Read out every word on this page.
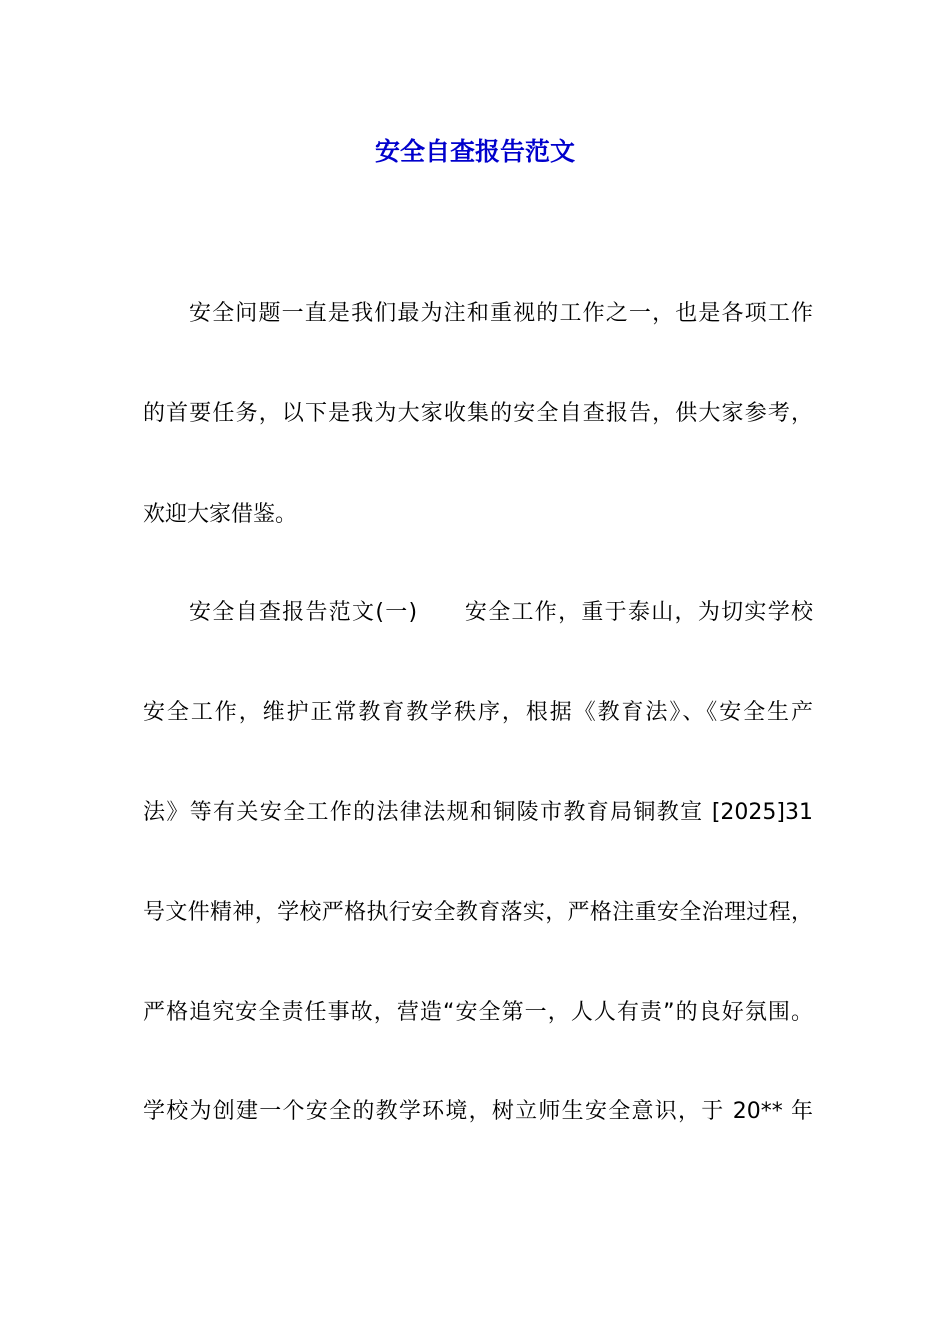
安全自查报告范文

安全问题一直是我们最为注和重视的工作之一，也是各项工作

的首要任务，以下是我为大家收集的安全自查报告，供大家参考，

欢迎大家借鉴。

安全自查报告范文(一)　　安全工作，重于泰山，为切实学校

安全工作，维护正常教育教学秩序，根据《教育法》、《安全生产

法》等有关安全工作的法律法规和铜陵市教育局铜教宣 [2025]31

号文件精神，学校严格执行安全教育落实，严格注重安全治理过程，

严格追究安全责任事故，营造“安全第一，人人有责”的良好氛围。

学校为创建一个安全的教学环境，树立师生安全意识，于 20** 年
